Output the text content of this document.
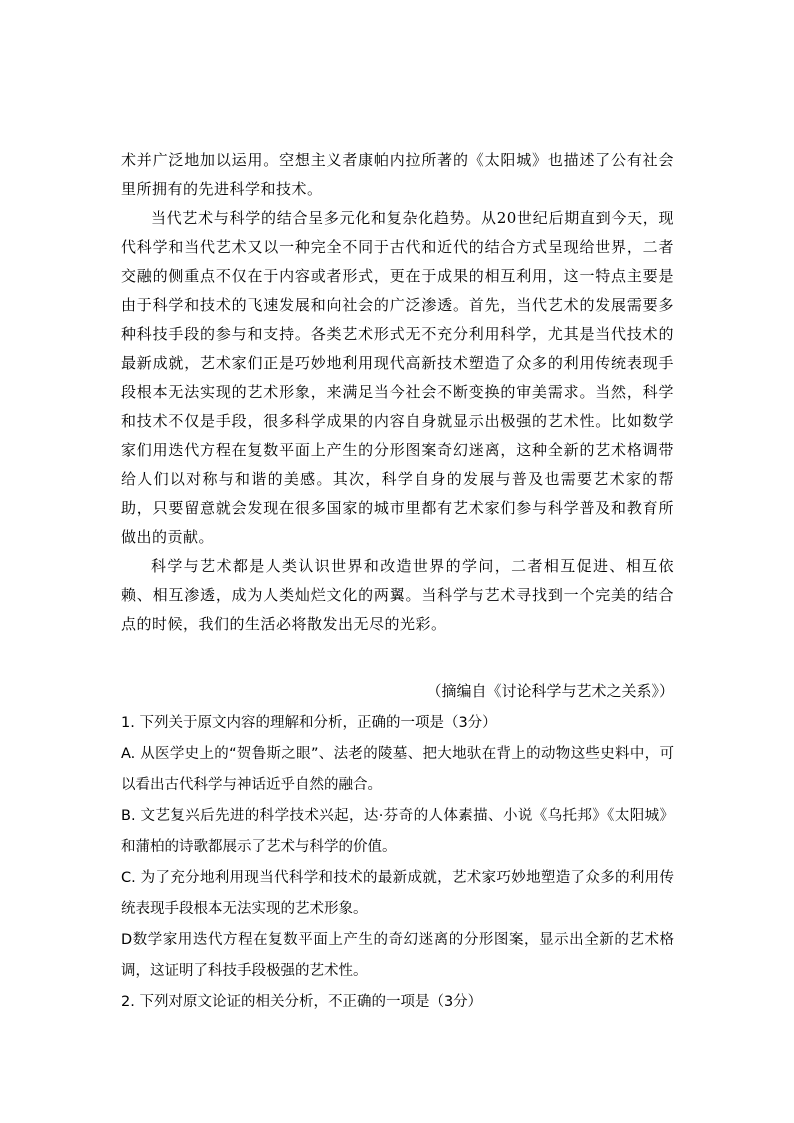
术并广泛地加以运用。空想主义者康帕内拉所著的《太阳城》也描述了公有社会里所拥有的先进科学和技术。

当代艺术与科学的结合呈多元化和复杂化趋势。从20世纪后期直到今天，现代科学和当代艺术又以一种完全不同于古代和近代的结合方式呈现给世界，二者交融的侧重点不仅在于内容或者形式，更在于成果的相互利用，这一特点主要是由于科学和技术的飞速发展和向社会的广泛渗透。首先，当代艺术的发展需要多种科技手段的参与和支持。各类艺术形式无不充分利用科学，尤其是当代技术的最新成就，艺术家们正是巧妙地利用现代高新技术塑造了众多的利用传统表现手段根本无法实现的艺术形象，来满足当今社会不断变换的审美需求。当然，科学和技术不仅是手段，很多科学成果的内容自身就显示出极强的艺术性。比如数学家们用迭代方程在复数平面上产生的分形图案奇幻迷离，这种全新的艺术格调带给人们以对称与和谐的美感。其次，科学自身的发展与普及也需要艺术家的帮助，只要留意就会发现在很多国家的城市里都有艺术家们参与科学普及和教育所做出的贡献。

科学与艺术都是人类认识世界和改造世界的学问，二者相互促进、相互依赖、相互渗透，成为人类灿烂文化的两翼。当科学与艺术寻找到一个完美的结合点的时候，我们的生活必将散发出无尽的光彩。

（摘编自《讨论科学与艺术之关系》）

1. 下列关于原文内容的理解和分析，正确的一项是（3分）

A. 从医学史上的“贺鲁斯之眼”、法老的陵墓、把大地驮在背上的动物这些史料中，可以看出古代科学与神话近乎自然的融合。

B. 文艺复兴后先进的科学技术兴起，达·芬奇的人体素描、小说《乌托邦》《太阳城》和蒲柏的诗歌都展示了艺术与科学的价值。

C. 为了充分地利用现当代科学和技术的最新成就，艺术家巧妙地塑造了众多的利用传统表现手段根本无法实现的艺术形象。

D数学家用迭代方程在复数平面上产生的奇幻迷离的分形图案，显示出全新的艺术格调，这证明了科技手段极强的艺术性。

2. 下列对原文论证的相关分析，不正确的一项是（3分）
